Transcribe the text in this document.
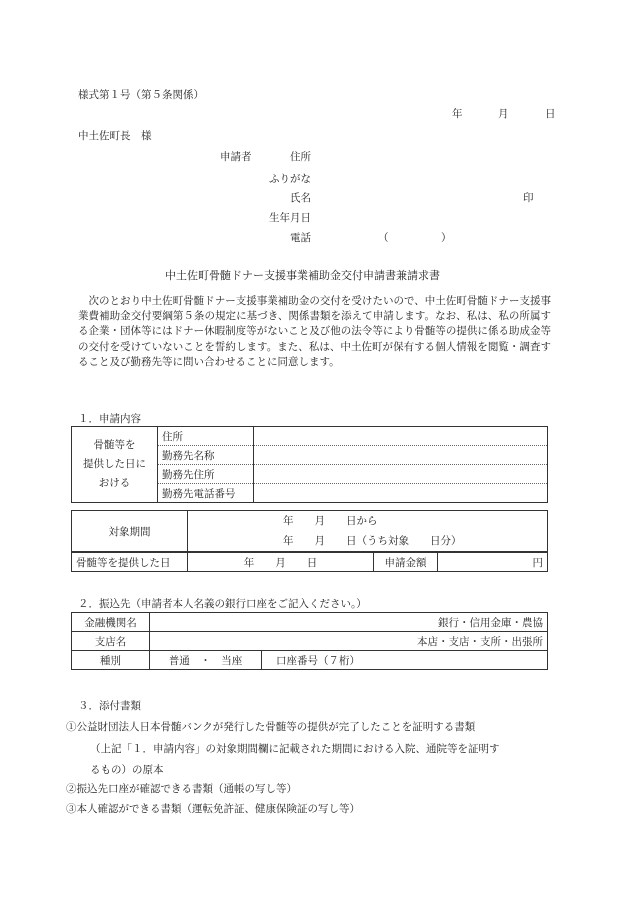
様式第１号（第５条関係）
年	月	日
中土佐町長　様
申請者	住所
ふりがな
氏名	印
生年月日
電話	（　　　　　）
中土佐町骨髄ドナー支援事業補助金交付申請書兼請求書
次のとおり中土佐町骨髄ドナー支援事業補助金の交付を受けたいので、中土佐町骨髄ドナー支援事業費補助金交付要綱第５条の規定に基づき、関係書類を添えて申請します。なお、私は、私の所属する企業・団体等にはドナー休暇制度等がないこと及び他の法令等により骨髄等の提供に係る助成金等の交付を受けていないことを誓約します。また、私は、中土佐町が保有する個人情報を閲覧・調査すること及び勤務先等に問い合わせることに同意します。
１．申請内容
骨髄等を
提供した日に
おける	住所	
	勤務先名称	
	勤務先住所	
	勤務先電話番号	
対象期間	年　　月　　日から
年　　月　　日（うち対象　　日分）
骨髄等を提供した日	年　　月　　日	申請金額	円
２．振込先（申請者本人名義の銀行口座をご記入ください。）
金融機関名	銀行・信用金庫・農協	
支店名	本店・支店・支所・出張所	
種別	普通　・　当座	口座番号（７桁）
３．添付書類
①公益財団法人日本骨髄バンクが発行した骨髄等の提供が完了したことを証明する書類
（上記「１．申請内容」の対象期間欄に記載された期間における入院、通院等を証明す
るもの）の原本
②振込先口座が確認できる書類（通帳の写し等）
③本人確認ができる書類（運転免許証、健康保険証の写し等）
